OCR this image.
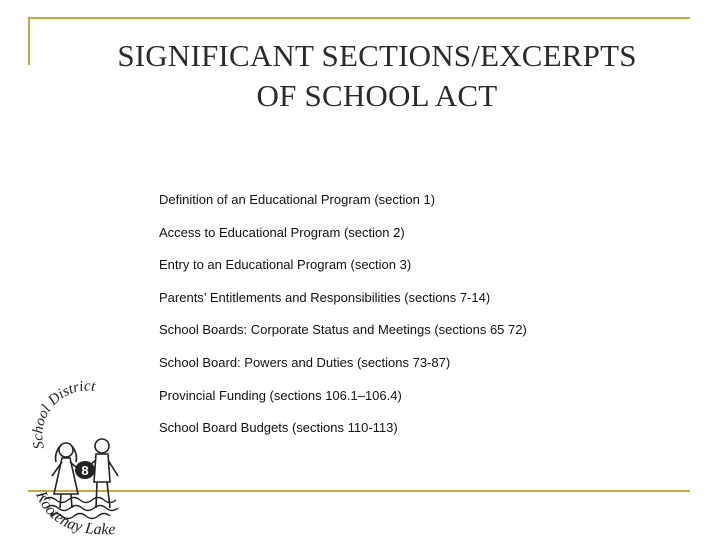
SIGNIFICANT SECTIONS/EXCERPTS
OF SCHOOL ACT
Definition of an Educational Program (section 1)
Access to Educational Program (section 2)
Entry to an Educational Program (section 3)
Parents’ Entitlements and Responsibilities (sections 7-14)
School Boards: Corporate Status and Meetings (sections 65 72)
School Board: Powers and Duties (sections 73-87)
Provincial Funding (sections 106.1–106.4)
School Board Budgets (sections 110-113)
School District
Kootenay Lake
8
